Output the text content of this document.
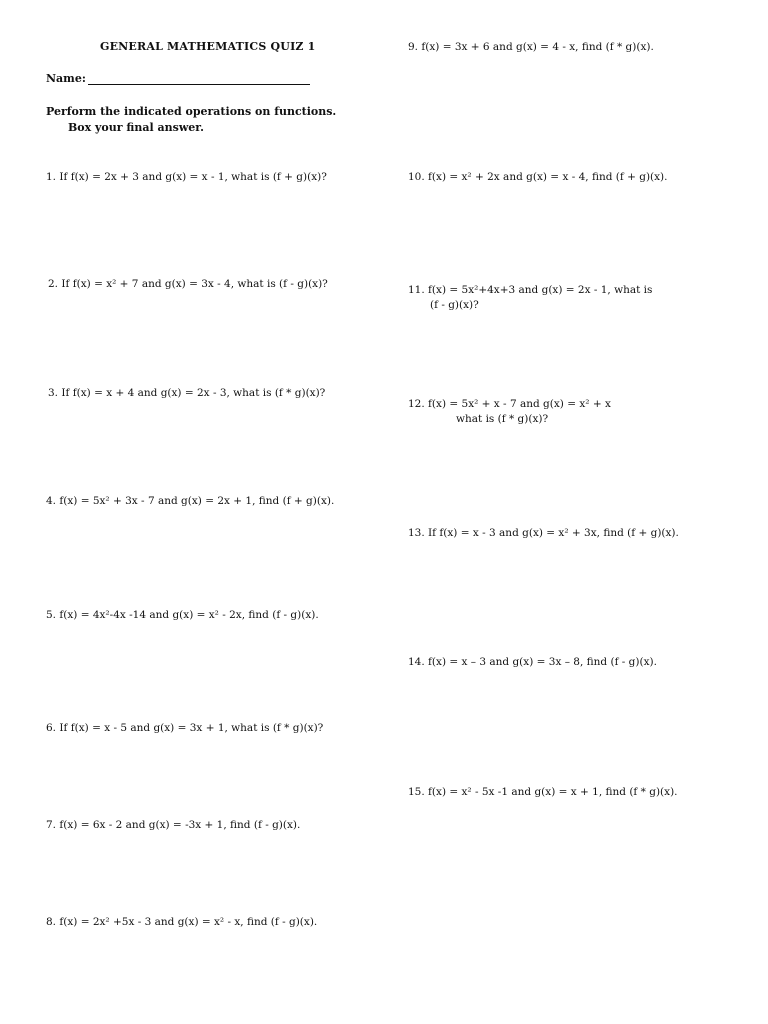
GENERAL MATHEMATICS QUIZ 1
Name:
Perform the indicated operations on functions.
Box your final answer.
1. If f(x) = 2x + 3 and g(x) = x - 1, what is (f + g)(x)?
2. If f(x) = x² + 7 and g(x) = 3x - 4, what is (f - g)(x)?
3. If f(x) = x + 4 and g(x) = 2x - 3, what is (f * g)(x)?
4. f(x) = 5x² + 3x - 7 and g(x) = 2x + 1, find (f + g)(x).
5. f(x) = 4x²-4x -14 and g(x) = x² - 2x, find (f - g)(x).
6. If f(x) = x - 5 and g(x) = 3x + 1, what is (f * g)(x)?
7. f(x) = 6x - 2 and g(x) = -3x + 1, find (f - g)(x).
8. f(x) = 2x² +5x - 3 and g(x) = x² - x, find (f - g)(x).
9. f(x) = 3x + 6 and g(x) = 4 - x, find (f * g)(x).
10. f(x) = x² + 2x and g(x) = x - 4, find (f + g)(x).
11. f(x) = 5x²+4x+3 and g(x) = 2x - 1, what is
(f - g)(x)?
12. f(x) = 5x² + x - 7 and g(x) = x² + x
what is (f * g)(x)?
13. If f(x) = x - 3 and g(x) = x² + 3x, find (f + g)(x).
14. f(x) = x – 3 and g(x) = 3x – 8, find (f - g)(x).
15. f(x) = x² - 5x -1 and g(x) = x + 1, find (f * g)(x).
